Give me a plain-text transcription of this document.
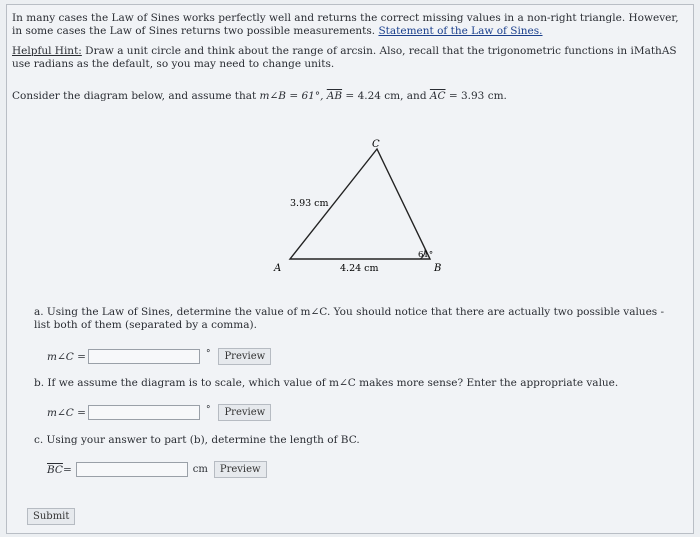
In many cases the Law of Sines works perfectly well and returns the correct missing values in a non-right triangle. However, in some cases the Law of Sines returns two possible measurements. Statement of the Law of Sines.

Helpful Hint: Draw a unit circle and think about the range of arcsin. Also, recall that the trigonometric functions in iMathAS use radians as the default, so you may need to change units.

Consider the diagram below, and assume that m∠B = 61°, $\overline{AB} = 4.24$ cm, and $\overline{AC} = 3.93$ cm.

C
A	B
3.93 cm
4.24 cm
61°

a. Using the Law of Sines, determine the value of m∠C. You should notice that there are actually two possible values - list both of them (separated by a comma).

m∠C =	°	Preview

b. If we assume the diagram is to scale, which value of m∠C makes more sense? Enter the appropriate value.

m∠C =	°	Preview

c. Using your answer to part (b), determine the length of BC.

$\overline{BC}$ =	cm	Preview
Submit
